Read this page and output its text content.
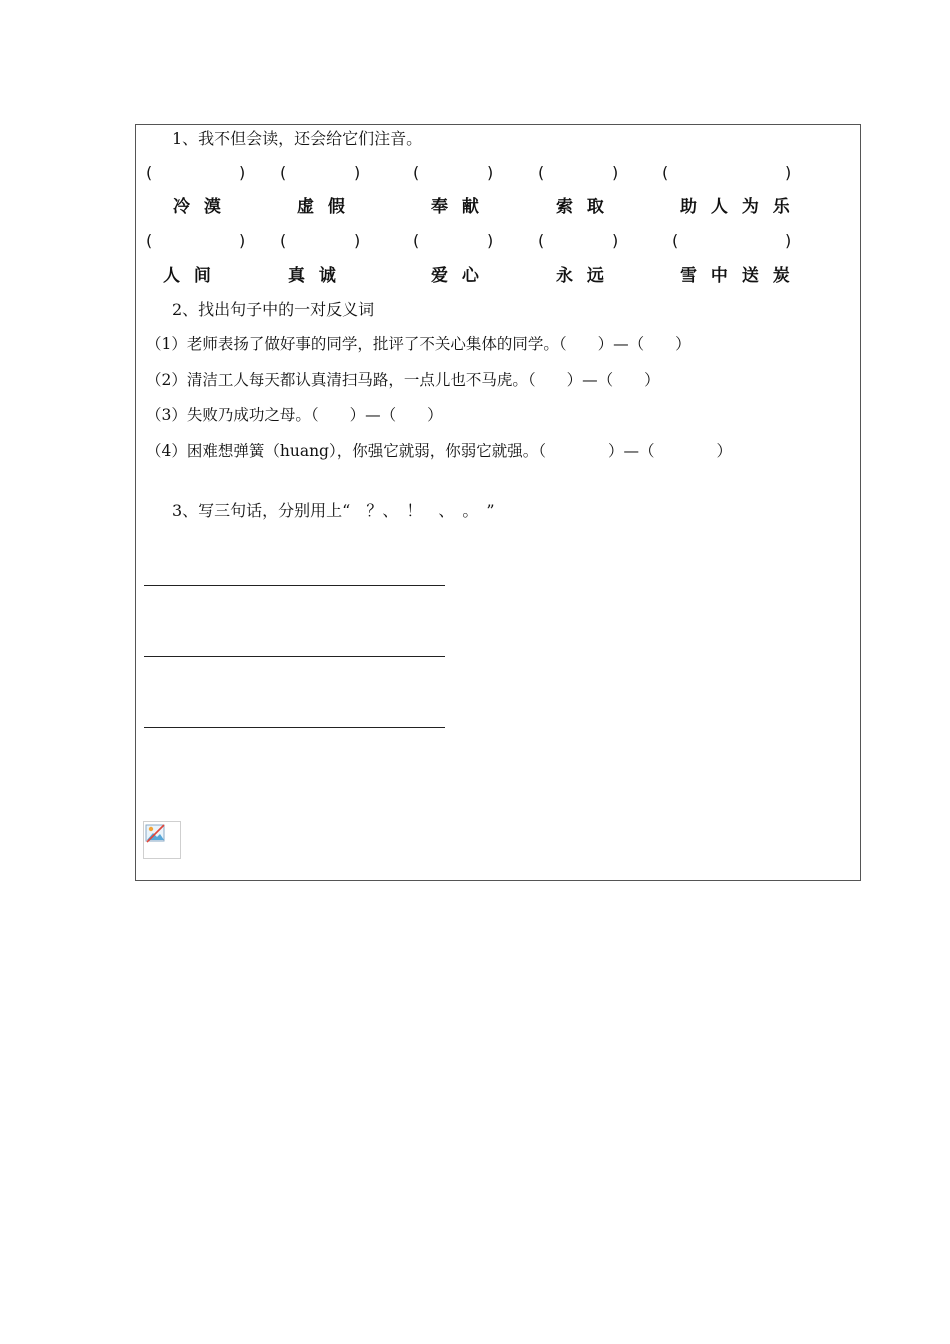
1、我不但会读，还会给它们注音。
(	) (	)	(	)	(	)	(	)
冷 漠	虚 假	奉 献	索 取	助 人 为 乐
(	) (	)	(	)	(	)	(	)
人 间	真 诚	爱 心	永 远	雪 中 送 炭
2、找出句子中的一对反义词
（1）老师表扬了做好事的同学，批评了不关心集体的同学。（　　）—（　　）
（2）清洁工人每天都认真清扫马路，一点儿也不马虎。（　　）—（　　）
（3）失败乃成功之母。（　　）—（　　）
（4）困难想弹簧（huang），你强它就弱，你弱它就强。（　　　　）—（　　　　）
3、写三句话，分别用上“　？、　！　、　。　”
